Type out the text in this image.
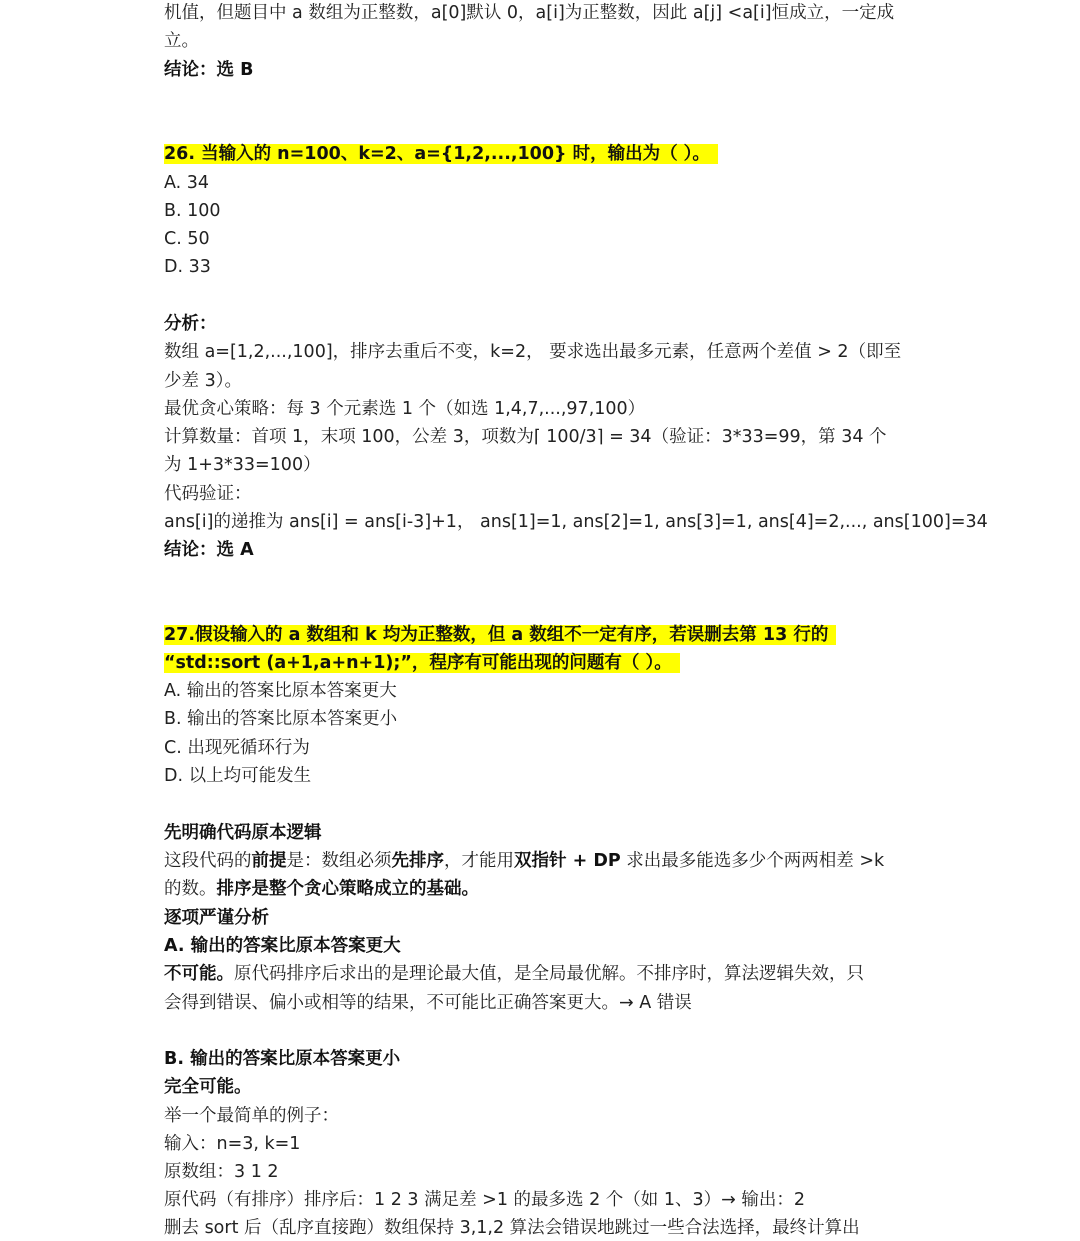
机值，但题目中 a 数组为正整数，a[0]默认 0，a[i]为正整数，因此 a[j] <a[i]恒成立，一定成
立。
结论：选 B
26. 当输入的 n=100、k=2、a={1,2,...,100} 时，输出为（ ）。
A. 34
B. 100
C. 50
D. 33
分析：
数组 a=[1,2,...,100]，排序去重后不变，k=2， 要求选出最多元素，任意两个差值 > 2（即至
少差 3）。
最优贪心策略：每 3 个元素选 1 个（如选 1,4,7,...,97,100）
计算数量：首项 1，末项 100，公差 3，项数为⌈ 100/3⌉ = 34（验证：3*33=99，第 34 个
为 1+3*33=100）
代码验证：
ans[i]的递推为 ans[i] = ans[i-3]+1， ans[1]=1, ans[2]=1, ans[3]=1, ans[4]=2,..., ans[100]=34
结论：选 A
27.假设输入的 a 数组和 k 均为正整数，但 a 数组不一定有序，若误删去第 13 行的
“std::sort (a+1,a+n+1);”，程序有可能出现的问题有（ ）。
A. 输出的答案比原本答案更大
B. 输出的答案比原本答案更小
C. 出现死循环行为
D. 以上均可能发生
先明确代码原本逻辑
这段代码的前提是：数组必须先排序，才能用双指针 + DP 求出最多能选多少个两两相差 >k
的数。排序是整个贪心策略成立的基础。
逐项严谨分析
A. 输出的答案比原本答案更大
不可能。原代码排序后求出的是理论最大值，是全局最优解。不排序时，算法逻辑失效，只
会得到错误、偏小或相等的结果，不可能比正确答案更大。→ A 错误
B. 输出的答案比原本答案更小
完全可能。
举一个最简单的例子：
输入：n=3, k=1
原数组：3 1 2
原代码（有排序）排序后：1 2 3 满足差 >1 的最多选 2 个（如 1、3）→ 输出：2
删去 sort 后（乱序直接跑）数组保持 3,1,2 算法会错误地跳过一些合法选择，最终计算出
